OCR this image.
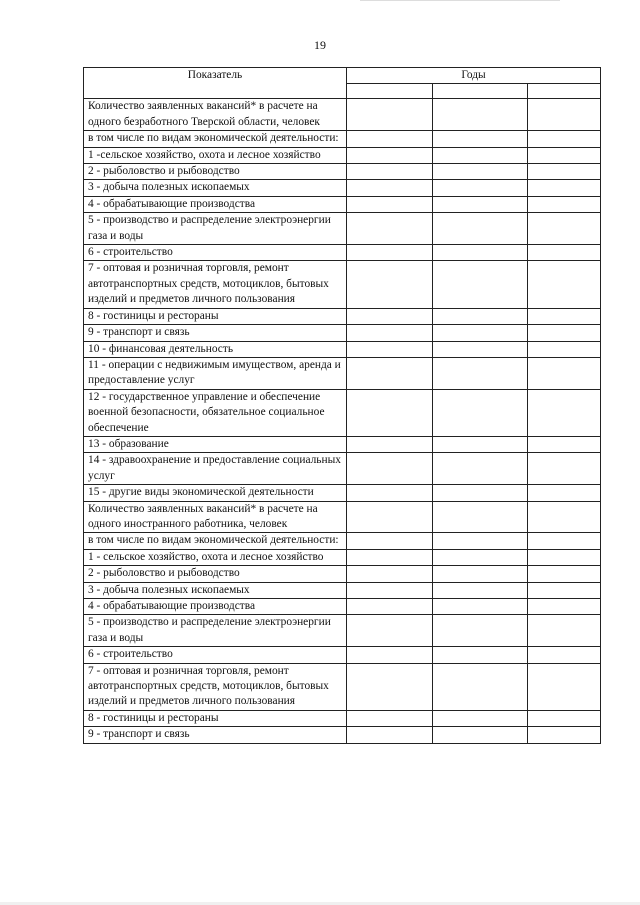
19
Показатель	Годы		

Количество заявленных вакансий* в расчете на одного безработного Тверской области, человек			
в том числе по видам экономической деятельности:			
1 -сельское хозяйство, охота и лесное хозяйство			
2 - рыболовство и рыбоводство			
3 - добыча полезных ископаемых			
4 - обрабатывающие производства			
5 - производство и распределение электроэнергии газа и воды			
6 - строительство			
7 - оптовая и розничная торговля, ремонт автотранспортных средств, мотоциклов, бытовых изделий и предметов личного пользования			
8 - гостиницы и рестораны			
9 - транспорт и связь			
10 - финансовая деятельность			
11 - операции с недвижимым имуществом, аренда и предоставление услуг			
12 - государственное управление и обеспечение военной безопасности, обязательное социальное обеспечение			
13 - образование			
14 - здравоохранение и предоставление социальных услуг			
15 - другие виды экономической деятельности			
Количество заявленных вакансий* в расчете на одного иностранного работника, человек			
в том числе по видам экономической деятельности:			
1 - сельское хозяйство, охота и лесное хозяйство			
2 - рыболовство и рыбоводство			
3 - добыча полезных ископаемых			
4 - обрабатывающие производства			
5 - производство и распределение электроэнергии газа и воды			
6 - строительство			
7 - оптовая и розничная торговля, ремонт автотранспортных средств, мотоциклов, бытовых изделий и предметов личного пользования			
8 - гостиницы и рестораны			
9 - транспорт и связь			
